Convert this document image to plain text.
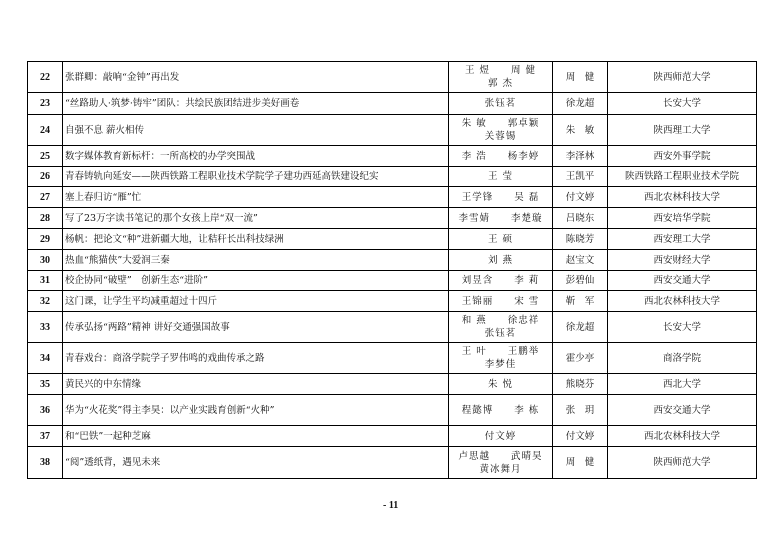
22	张群卿：敲响“金钟”再出发	王 煜　　周 健
郭 杰	周　健	陕西师范大学
23	“丝路助人·筑梦·铸牢”团队：共绘民族团结进步美好画卷	张钰茗	徐龙超	长安大学
24	自强不息 薪火相传	朱 敏　　郭卓颖
关蓉锡	朱　敏	陕西理工大学
25	数字媒体教育新标杆：一所高校的办学突围战	李 浩　　杨李婷	李泽林	西安外事学院
26	青春铸轨向延安——陕西铁路工程职业技术学院学子建功西延高铁建设纪实	王 莹	王凯平	陕西铁路工程职业技术学院
27	塞上春归访“雁”忙	王学锋　　吴 磊	付文婷	西北农林科技大学
28	写了23万字读书笔记的那个女孩上岸“双一流”	李雪婧　　李楚璇	吕晓东	西安培华学院
29	杨帆：把论文“种”进新疆大地，让秸秆长出科技绿洲	王 硕	陈晓芳	西安理工大学
30	热血“熊猫侠”大爱润三秦	刘 燕	赵宝文	西安财经大学
31	校企协同“破壁”　创新生态“进阶”	刘昱含　　李 莉	彭碧仙	西安交通大学
32	这门课，让学生平均减重超过十四斤	王锦丽　　宋 雪	靳　军	西北农林科技大学
33	传承弘扬“两路”精神 讲好交通强国故事	和 燕　　徐忠祥
张钰茗	徐龙超	长安大学
34	青春戏台：商洛学院学子罗伟鸣的戏曲传承之路	王 叶　　王鹏举
李梦佳	霍少亭	商洛学院
35	黄民兴的中东情缘	朱 悦	熊晓芬	西北大学
36	华为“火花奖”得主李昊：以产业实践育创新“火种”	程懿博　　李 栋	张　玥	西安交通大学
37	和“巴铁”一起种芝麻	付文婷	付文婷	西北农林科技大学
38	“阅”透纸背，遇见未来	卢思越　　武晴昊
黄冰舞月	周　健	陕西师范大学
- 11
